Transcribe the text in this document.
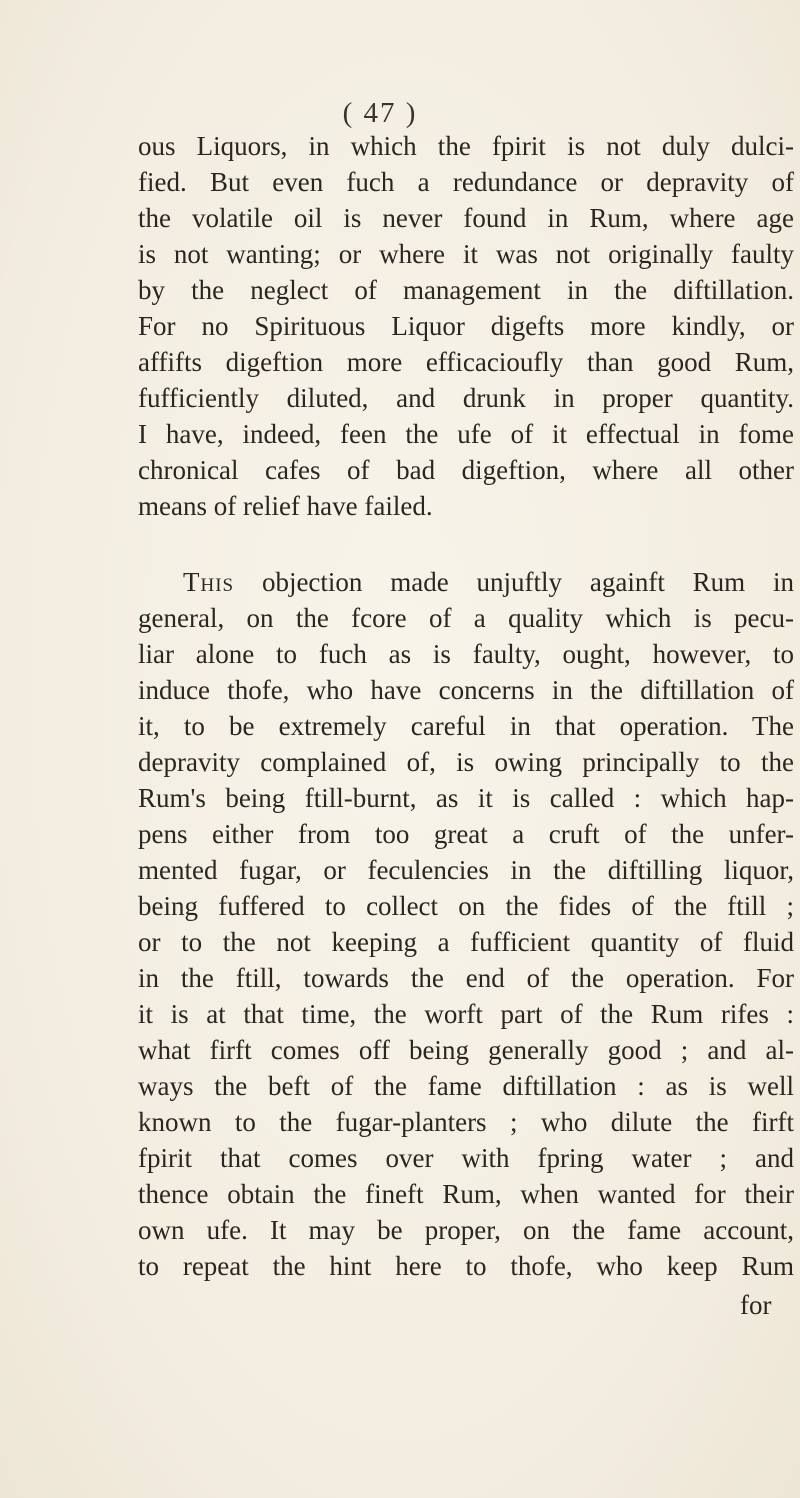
( 47 )
ous Liquors, in which the fpirit is not duly dulci-
fied. But even fuch a redundance or depravity of
the volatile oil is never found in Rum, where age
is not wanting; or where it was not originally faulty
by the neglect of management in the diftillation.
For no Spirituous Liquor digefts more kindly, or
affifts digeftion more efficacioufly than good Rum,
fufficiently diluted, and drunk in proper quantity.
I have, indeed, feen the ufe of it effectual in fome
chronical cafes of bad digeftion, where all other
means of relief have failed.
This objection made unjuftly againft Rum in
general, on the fcore of a quality which is pecu-
liar alone to fuch as is faulty, ought, however, to
induce thofe, who have concerns in the diftillation of
it, to be extremely careful in that operation. The
depravity complained of, is owing principally to the
Rum's being ftill-burnt, as it is called : which hap-
pens either from too great a cruft of the unfer-
mented fugar, or feculencies in the diftilling liquor,
being fuffered to collect on the fides of the ftill ;
or to the not keeping a fufficient quantity of fluid
in the ftill, towards the end of the operation. For
it is at that time, the worft part of the Rum rifes :
what firft comes off being generally good ; and al-
ways the beft of the fame diftillation : as is well
known to the fugar-planters ; who dilute the firft
fpirit that comes over with fpring water ; and
thence obtain the fineft Rum, when wanted for their
own ufe. It may be proper, on the fame account,
to repeat the hint here to thofe, who keep Rum
for
